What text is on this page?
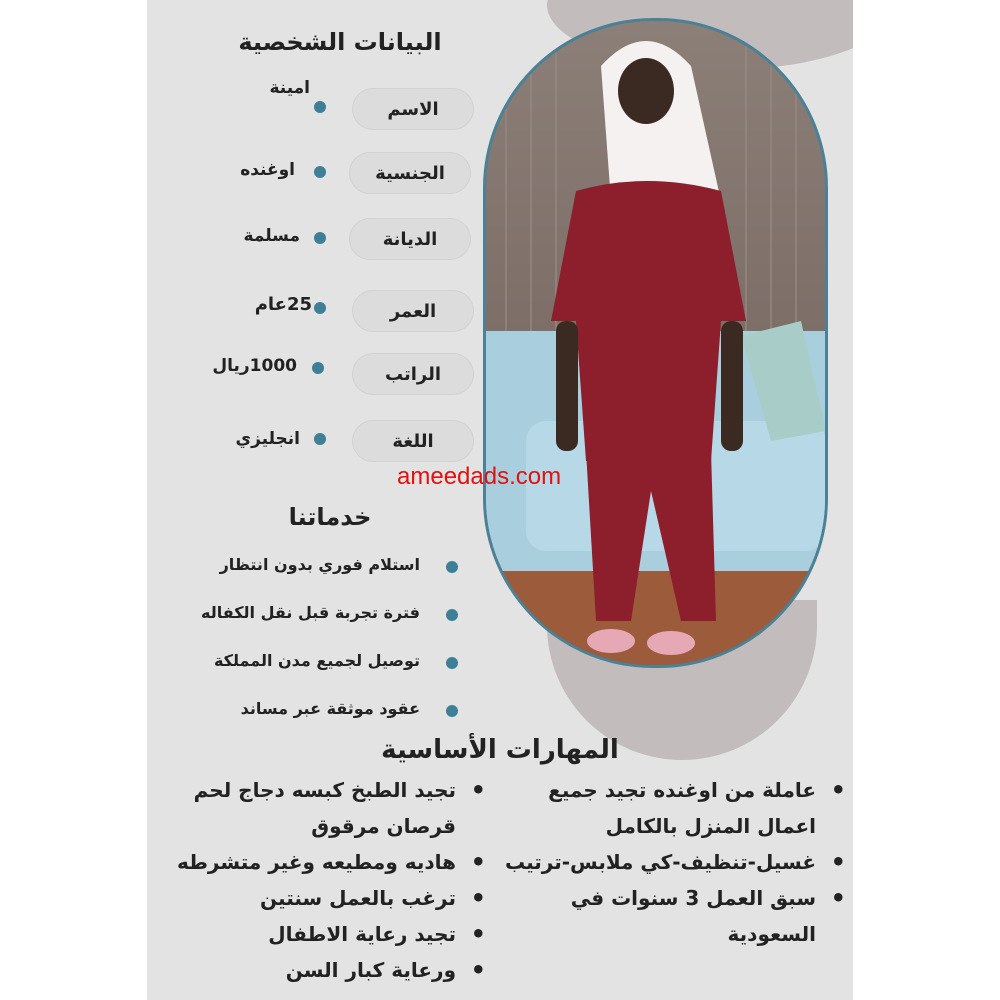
البيانات الشخصية
الاسم
امينة
الجنسية
اوغنده
الديانة
مسلمة
العمر
25عام
الراتب
1000ريال
اللغة
انجليزي
ameedads.com
خدماتنا
استلام فوري بدون انتظار
فترة تجربة قبل نقل الكفاله
توصيل لجميع مدن المملكة
عقود موثقة عبر مساند
المهارات الأساسية
• عاملة من اوغنده تجيد جميع اعمال المنزل بالكامل
• غسيل-تنظيف-كي ملابس-ترتيب
• سبق العمل 3 سنوات في السعودية
• تجيد الطبخ كبسه دجاج لحم قرصان مرقوق
• هاديه ومطيعه وغير متشرطه
• ترغب بالعمل سنتين
• تجيد رعاية الاطفال
• ورعاية كبار السن
